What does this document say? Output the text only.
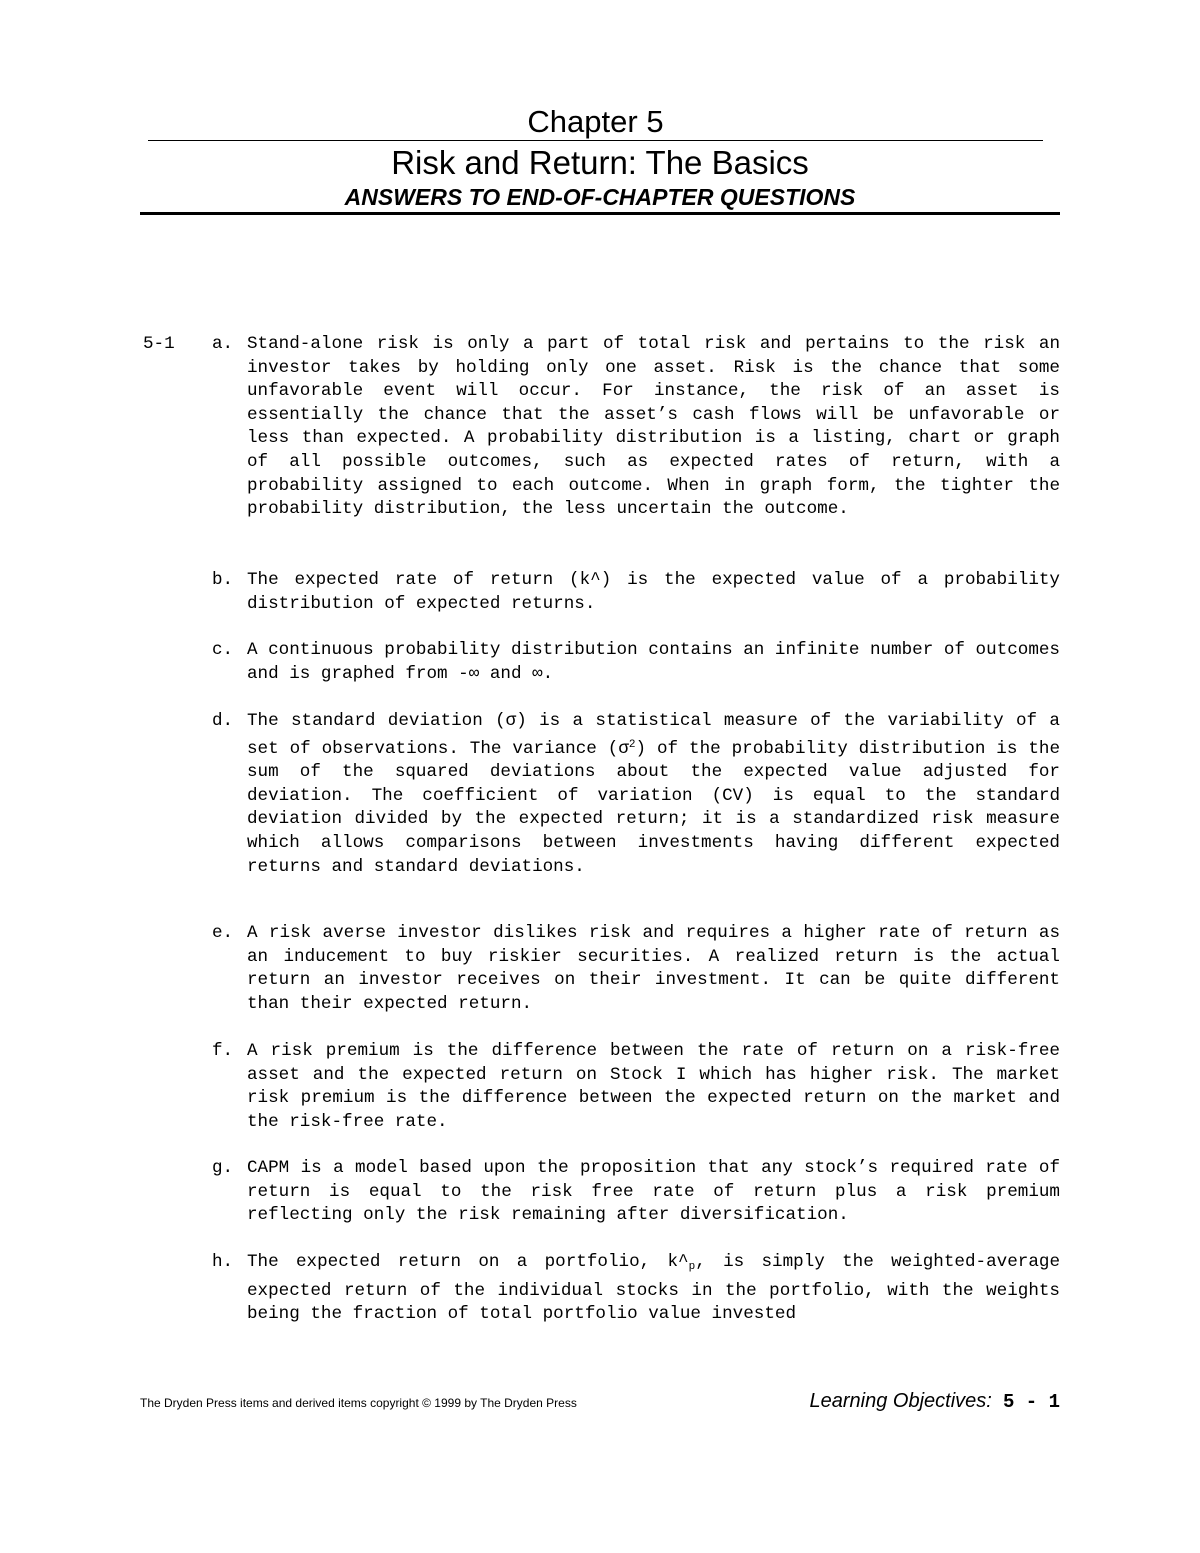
Chapter 5
Risk and Return: The Basics
ANSWERS TO END-OF-CHAPTER QUESTIONS
5-1 a. Stand-alone risk is only a part of total risk and pertains to the risk an investor takes by holding only one asset. Risk is the chance that some unfavorable event will occur. For instance, the risk of an asset is essentially the chance that the asset’s cash flows will be unfavorable or less than expected. A probability distribution is a listing, chart or graph of all possible outcomes, such as expected rates of return, with a probability assigned to each outcome. When in graph form, the tighter the probability distribution, the less uncertain the outcome.
b. The expected rate of return (k^) is the expected value of a probability distribution of expected returns.
c. A continuous probability distribution contains an infinite number of outcomes and is graphed from -∞ and ∞.
d. The standard deviation (σ) is a statistical measure of the variability of a set of observations. The variance $(\sigma^2)$ of the probability distribution is the sum of the squared deviations about the expected value adjusted for deviation. The coefficient of variation (CV) is equal to the standard deviation divided by the expected return; it is a standardized risk measure which allows comparisons between investments having different expected returns and standard deviations.
e. A risk averse investor dislikes risk and requires a higher rate of return as an inducement to buy riskier securities. A realized return is the actual return an investor receives on their investment. It can be quite different than their expected return.
f. A risk premium is the difference between the rate of return on a risk-free asset and the expected return on Stock I which has higher risk. The market risk premium is the difference between the expected return on the market and the risk-free rate.
g. CAPM is a model based upon the proposition that any stock’s required rate of return is equal to the risk free rate of return plus a risk premium reflecting only the risk remaining after diversification.
h. The expected return on a portfolio, $k\^{}_p$, is simply the weighted-average expected return of the individual stocks in the portfolio, with the weights being the fraction of total portfolio value invested
The Dryden Press items and derived items copyright © 1999 by The Dryden Press	Learning Objectives: 5 - 1
